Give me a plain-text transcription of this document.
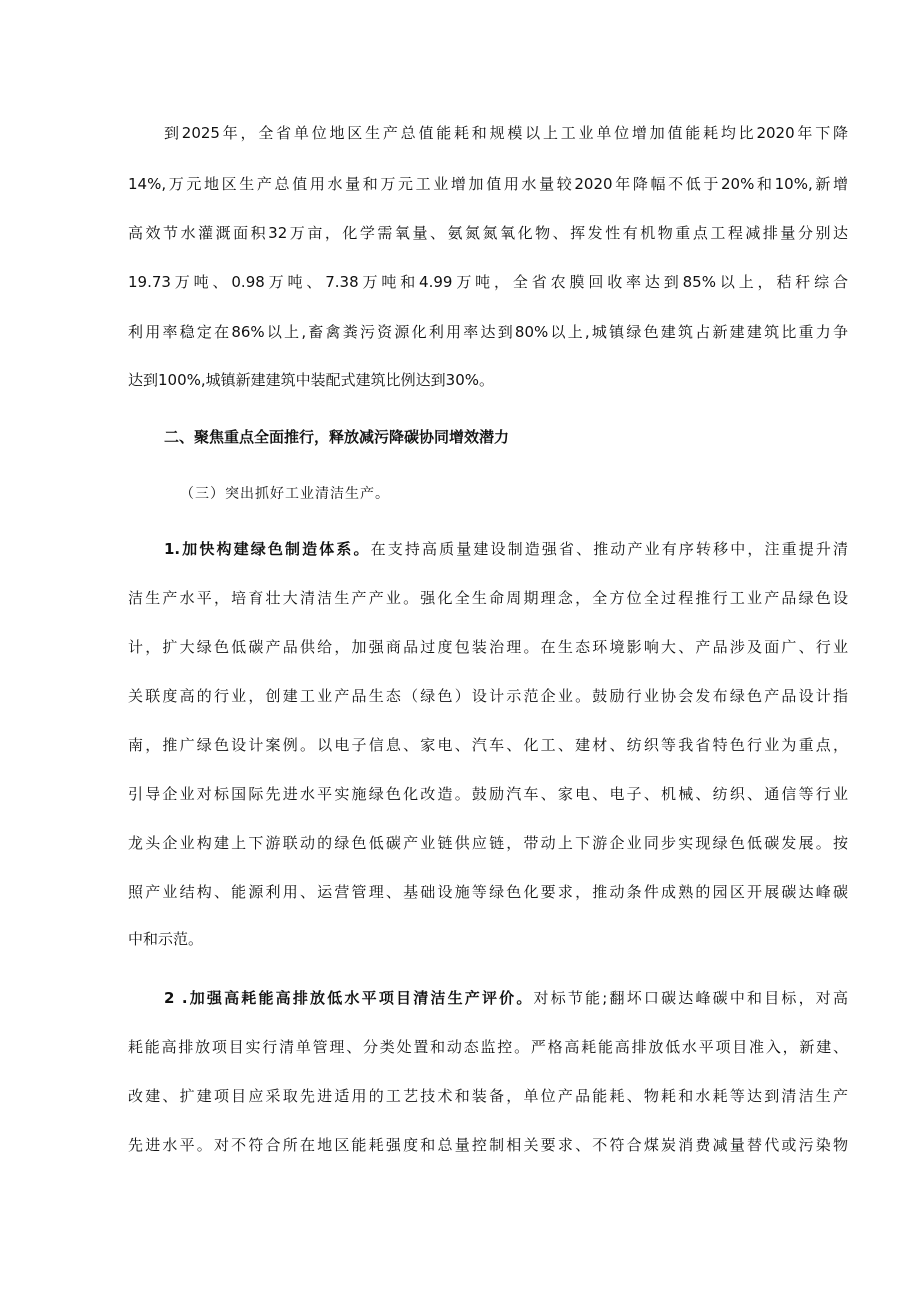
到2025年，全省单位地区生产总值能耗和规模以上工业单位增加值能耗均比2020年下降
14%,万元地区生产总值用水量和万元工业增加值用水量较2020年降幅不低于20%和10%,新增
高效节水灌溉面积32万亩，化学需氧量、氨氮氮氧化物、挥发性有机物重点工程减排量分别达
19.73万吨、0.98万吨、7.38万吨和4.99万吨，全省农膜回收率达到85%以上，秸秆综合
利用率稳定在86%以上,畜禽粪污资源化利用率达到80%以上,城镇绿色建筑占新建建筑比重力争
达到100%,城镇新建建筑中装配式建筑比例达到30%。
二、聚焦重点全面推行，释放减污降碳协同增效潜力
（三）突出抓好工业清洁生产。
1.加快构建绿色制造体系。在支持高质量建设制造强省、推动产业有序转移中，注重提升清
洁生产水平，培育壮大清洁生产产业。强化全生命周期理念，全方位全过程推行工业产品绿色设
计，扩大绿色低碳产品供给，加强商品过度包装治理。在生态环境影响大、产品涉及面广、行业
关联度高的行业，创建工业产品生态（绿色）设计示范企业。鼓励行业协会发布绿色产品设计指
南，推广绿色设计案例。以电子信息、家电、汽车、化工、建材、纺织等我省特色行业为重点，
引导企业对标国际先进水平实施绿色化改造。鼓励汽车、家电、电子、机械、纺织、通信等行业
龙头企业构建上下游联动的绿色低碳产业链供应链，带动上下游企业同步实现绿色低碳发展。按
照产业结构、能源利用、运营管理、基础设施等绿色化要求，推动条件成熟的园区开展碳达峰碳
中和示范。
2 .加强高耗能高排放低水平项目清洁生产评价。对标节能;翻坏口碳达峰碳中和目标，对高
耗能高排放项目实行清单管理、分类处置和动态监控。严格高耗能高排放低水平项目准入，新建、
改建、扩建项目应采取先进适用的工艺技术和装备，单位产品能耗、物耗和水耗等达到清洁生产
先进水平。对不符合所在地区能耗强度和总量控制相关要求、不符合煤炭消费减量替代或污染物
